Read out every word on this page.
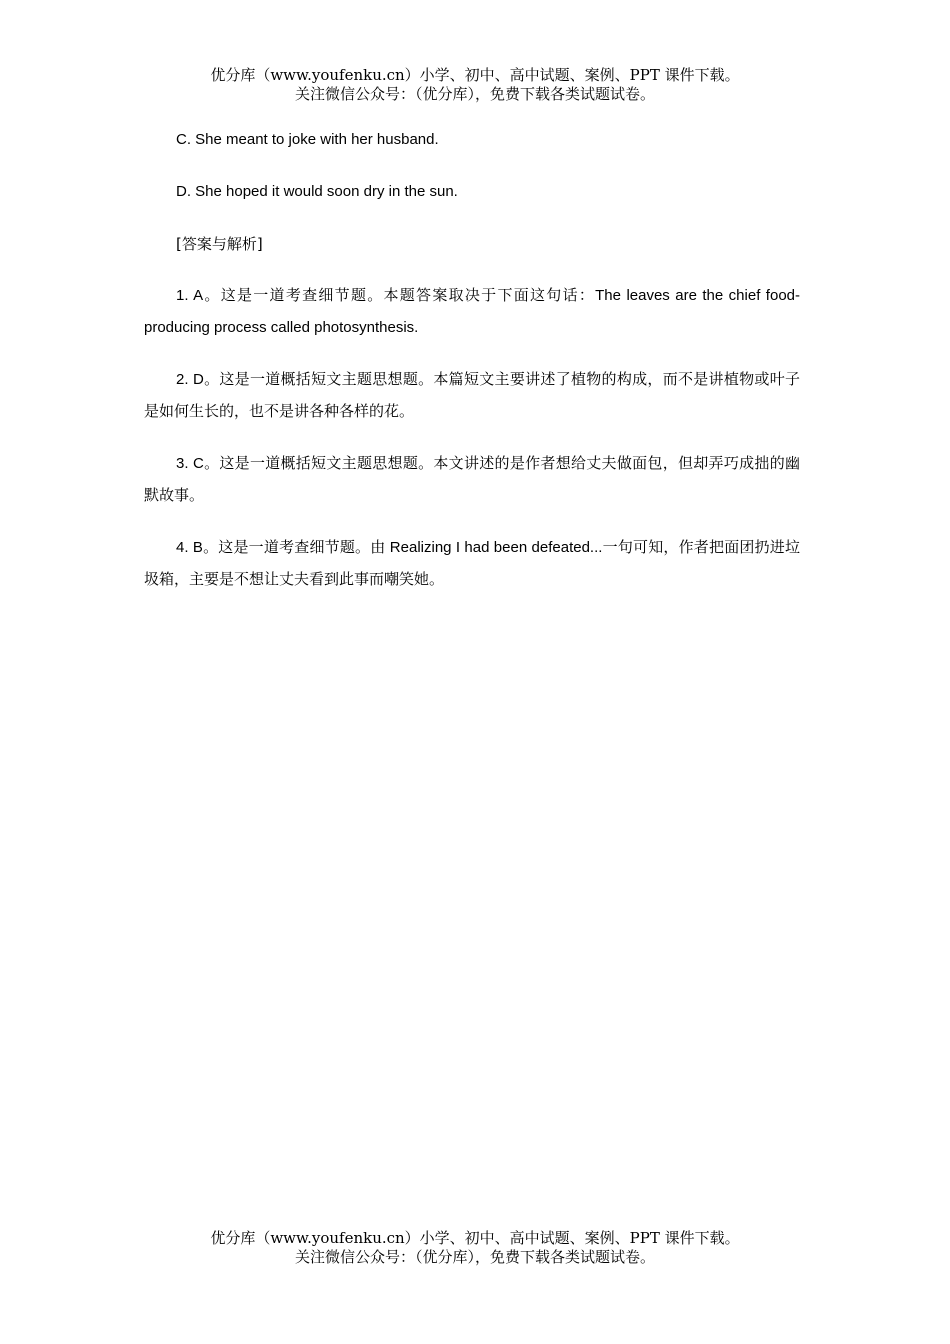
优分库（www.youfenku.cn）小学、初中、高中试题、案例、PPT 课件下载。
关注微信公众号：（优分库），免费下载各类试题试卷。

C. She meant to joke with her husband.

D. She hoped it would soon dry in the sun.

[答案与解析]

1. A。这是一道考查细节题。本题答案取决于下面这句话：The leaves are the chief food-producing process called photosynthesis.

2. D。这是一道概括短文主题思想题。本篇短文主要讲述了植物的构成，而不是讲植物或叶子是如何生长的，也不是讲各种各样的花。

3. C。这是一道概括短文主题思想题。本文讲述的是作者想给丈夫做面包，但却弄巧成拙的幽默故事。

4. B。这是一道考查细节题。由 Realizing I had been defeated...一句可知，作者把面团扔进垃圾箱，主要是不想让丈夫看到此事而嘲笑她。

优分库（www.youfenku.cn）小学、初中、高中试题、案例、PPT 课件下载。
关注微信公众号：（优分库），免费下载各类试题试卷。
